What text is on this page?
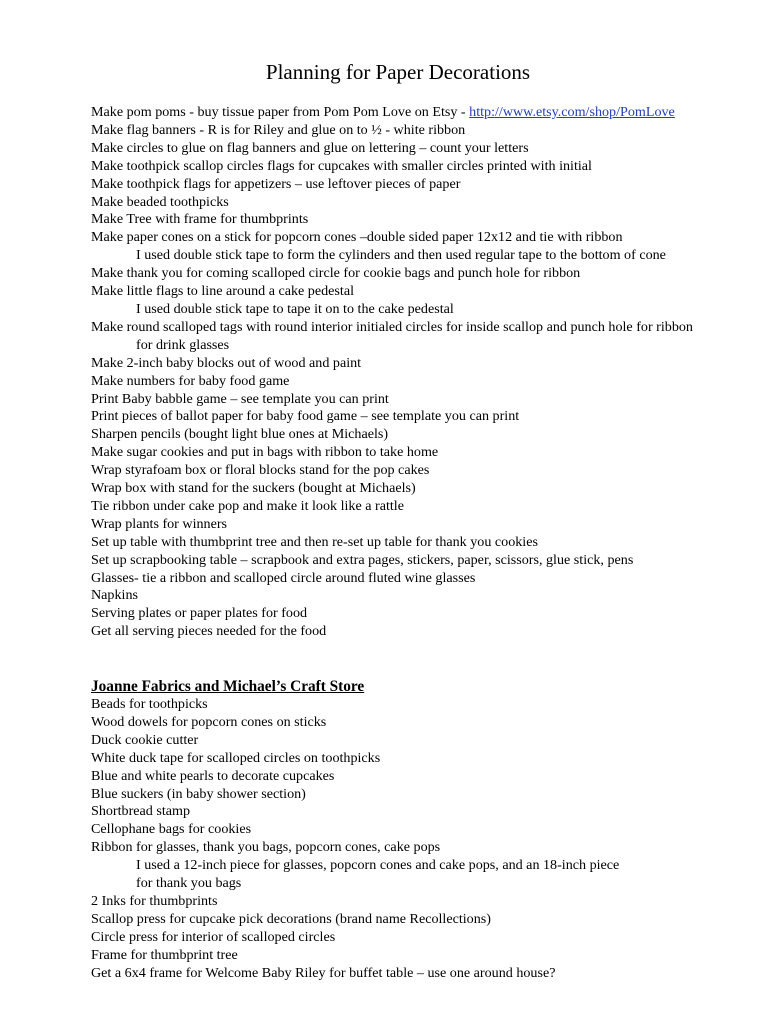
Planning for Paper Decorations
Make pom poms - buy tissue paper from Pom Pom Love on Etsy - http://www.etsy.com/shop/PomLove
Make flag banners - R is for Riley and glue on to ½ - white ribbon
Make circles to glue on flag banners and glue on lettering – count your letters
Make toothpick scallop circles flags for cupcakes with smaller circles printed with initial
Make toothpick flags for appetizers – use leftover pieces of paper
Make beaded toothpicks
Make Tree with frame for thumbprints
Make paper cones on a stick for popcorn cones –double sided paper 12x12 and tie with ribbon
I used double stick tape to form the cylinders and then used regular tape to the bottom of cone
Make thank you for coming scalloped circle for cookie bags and punch hole for ribbon
Make little flags to line around a cake pedestal
I used double stick tape to tape it on to the cake pedestal
Make round scalloped tags with round interior initialed circles for inside scallop and punch hole for ribbon
for drink glasses
Make 2-inch baby blocks out of wood and paint
Make numbers for baby food game
Print Baby babble game – see template you can print
Print pieces of ballot paper for baby food game – see template you can print
Sharpen pencils (bought light blue ones at Michaels)
Make sugar cookies and put in bags with ribbon to take home
Wrap styrafoam box or floral blocks stand for the pop cakes
Wrap box with stand for the suckers (bought at Michaels)
Tie ribbon under cake pop and make it look like a rattle
Wrap plants for winners
Set up table with thumbprint tree and then re-set up table for thank you cookies
Set up scrapbooking table – scrapbook and extra pages, stickers, paper, scissors, glue stick, pens
Glasses- tie a ribbon and scalloped circle around fluted wine glasses
Napkins
Serving plates or paper plates for food
Get all serving pieces needed for the food
Joanne Fabrics and Michael’s Craft Store
Beads for toothpicks
Wood dowels for popcorn cones on sticks
Duck cookie cutter
White duck tape for scalloped circles on toothpicks
Blue and white pearls to decorate cupcakes
Blue suckers (in baby shower section)
Shortbread stamp
Cellophane bags for cookies
Ribbon for glasses, thank you bags, popcorn cones, cake pops
I used a 12-inch piece for glasses, popcorn cones and cake pops, and an 18-inch piece
for thank you bags
2 Inks for thumbprints
Scallop press for cupcake pick decorations (brand name Recollections)
Circle press for interior of scalloped circles
Frame for thumbprint tree
Get a 6x4 frame for Welcome Baby Riley for buffet table – use one around house?
